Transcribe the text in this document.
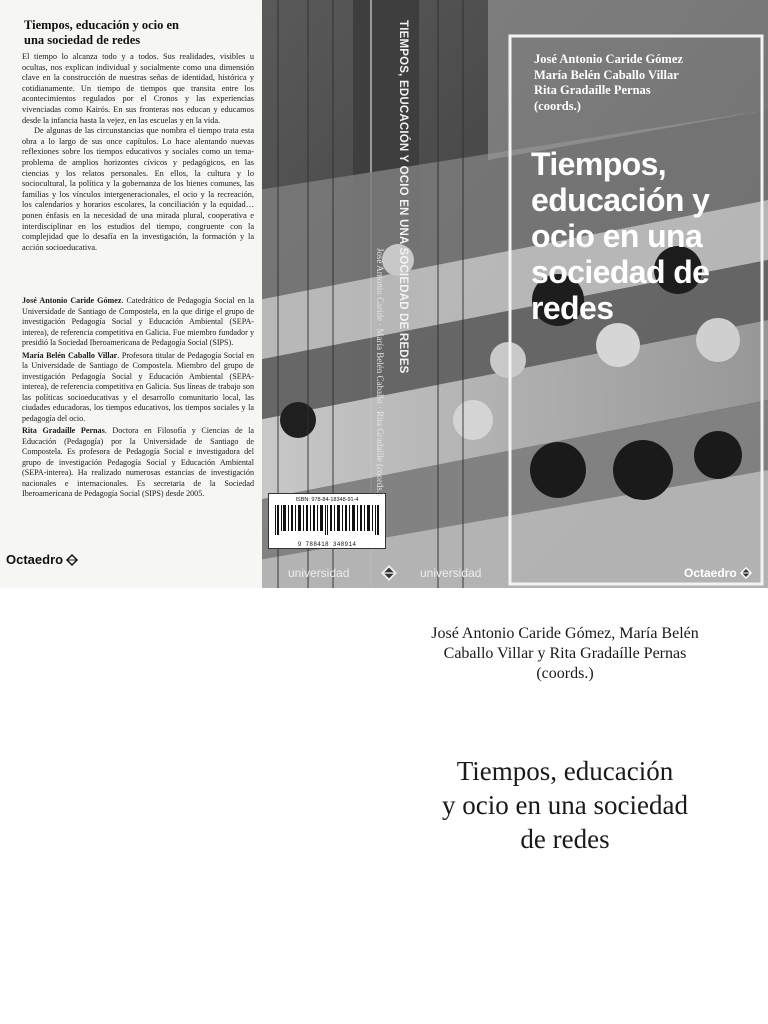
Tiempos, educación y ocio en
una sociedad de redes

El tiempo lo alcanza todo y a todos. Sus realidades, visibles u ocultas, nos explican individual y socialmente como una dimensión clave en la construcción de nuestras señas de identidad, histórica y cotidianamente. Un tiempo de tiempos que transita entre los acontecimientos regulados por el Cronos y las experiencias vivenciadas como Kairós. En sus fronteras nos educan y educamos desde la infancia hasta la vejez, en las escuelas y en la vida.

De algunas de las circunstancias que nombra el tiempo trata esta obra a lo largo de sus once capítulos. Lo hace alentando nuevas reflexiones sobre los tiempos educativos y sociales como un tema-problema de amplios horizontes cívicos y pedagógicos, en las ciencias y los relatos personales. En ellos, la cultura y lo sociocultural, la política y la gobernanza de los bienes comunes, las familias y los vínculos intergeneracionales, el ocio y la recreación, los calendarios y horarios escolares, la conciliación y la equidad… ponen énfasis en la necesidad de una mirada plural, cooperativa e interdisciplinar en los estudios del tiempo, congruente con la complejidad que lo desafía en la investigación, la formación y la acción socioeducativa.

José Antonio Caride Gómez. Catedrático de Pedagogía Social en la Universidade de Santiago de Compostela, en la que dirige el grupo de investigación Pedagogía Social y Educación Ambiental (SEPA-interea), de referencia competitiva en Galicia. Fue miembro fundador y presidió la Sociedad Iberoamericana de Pedagogía Social (SIPS).

María Belén Caballo Villar. Profesora titular de Pedagogía Social en la Universidade de Santiago de Compostela. Miembro del grupo de investigación Pedagogía Social y Educación Ambiental (SEPA-interea), de referencia competitiva en Galicia. Sus líneas de trabajo son las políticas socioeducativas y el desarrollo comunitario local, las ciudades educadoras, los tiempos educativos, los tiempos sociales y la pedagogía del ocio.

Rita Gradaílle Pernas. Doctora en Filosofía y Ciencias de la Educación (Pedagogía) por la Universidade de Santiago de Compostela. Es profesora de Pedagogía Social e investigadora del grupo de investigación Pedagogía Social y Educación Ambiental (SEPA-interea). Ha realizado numerosas estancias de investigación nacionales e internacionales. Es secretaria de la Sociedad Iberoamericana de Pedagogía Social (SIPS) desde 2005.

Octaedro
ISBN: 978-84-18348-91-4
9 788418 348914
TIEMPOS, EDUCACIÓN Y OCIO EN UNA SOCIEDAD DE REDES
José Antonio Caride · María Belén Caballo · Rita Gradaílle (coords.)
universidad	universidad
José Antonio Caride Gómez
María Belén Caballo Villar
Rita Gradaílle Pernas
(coords.)
Tiempos,
educación y
ocio en una
sociedad de
redes
Octaedro
José Antonio Caride Gómez, María Belén
Caballo Villar y Rita Gradaílle Pernas
(coords.)
Tiempos, educación
y ocio en una sociedad
de redes
